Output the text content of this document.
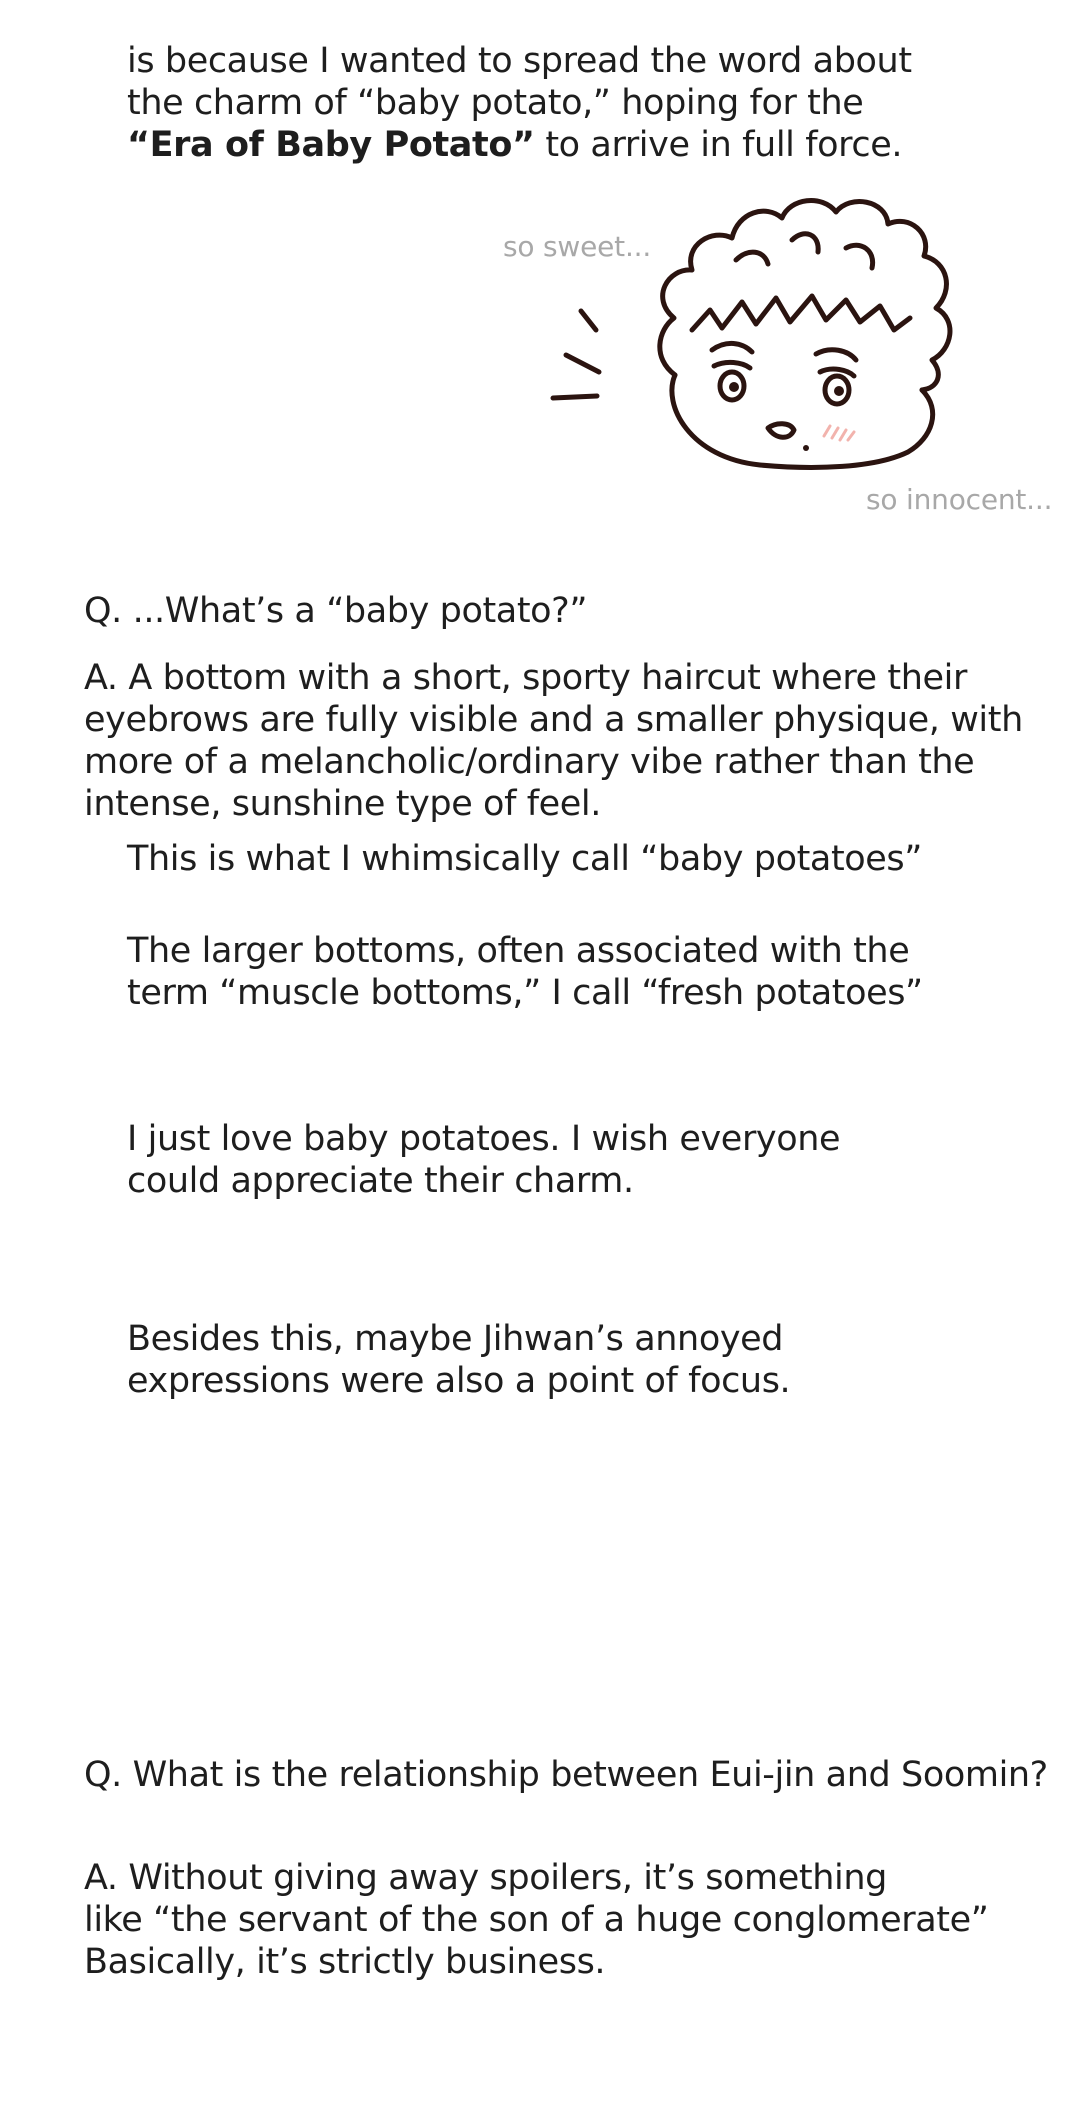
is because I wanted to spread the word about

the charm of “baby potato,” hoping for the

“Era of Baby Potato” to arrive in full force.

so sweet...
so innocent...

Q. ...What’s a “baby potato?”

A. A bottom with a short, sporty haircut where their

eyebrows are fully visible and a smaller physique, with

more of a melancholic/ordinary vibe rather than the

intense, sunshine type of feel.

This is what I whimsically call “baby potatoes”

The larger bottoms, often associated with the

term “muscle bottoms,” I call “fresh potatoes”

I just love baby potatoes. I wish everyone

could appreciate their charm.

Besides this, maybe Jihwan’s annoyed

expressions were also a point of focus.

Q. What is the relationship between Eui-jin and Soomin?

A. Without giving away spoilers, it’s something

like “the servant of the son of a huge conglomerate”

Basically, it’s strictly business.
